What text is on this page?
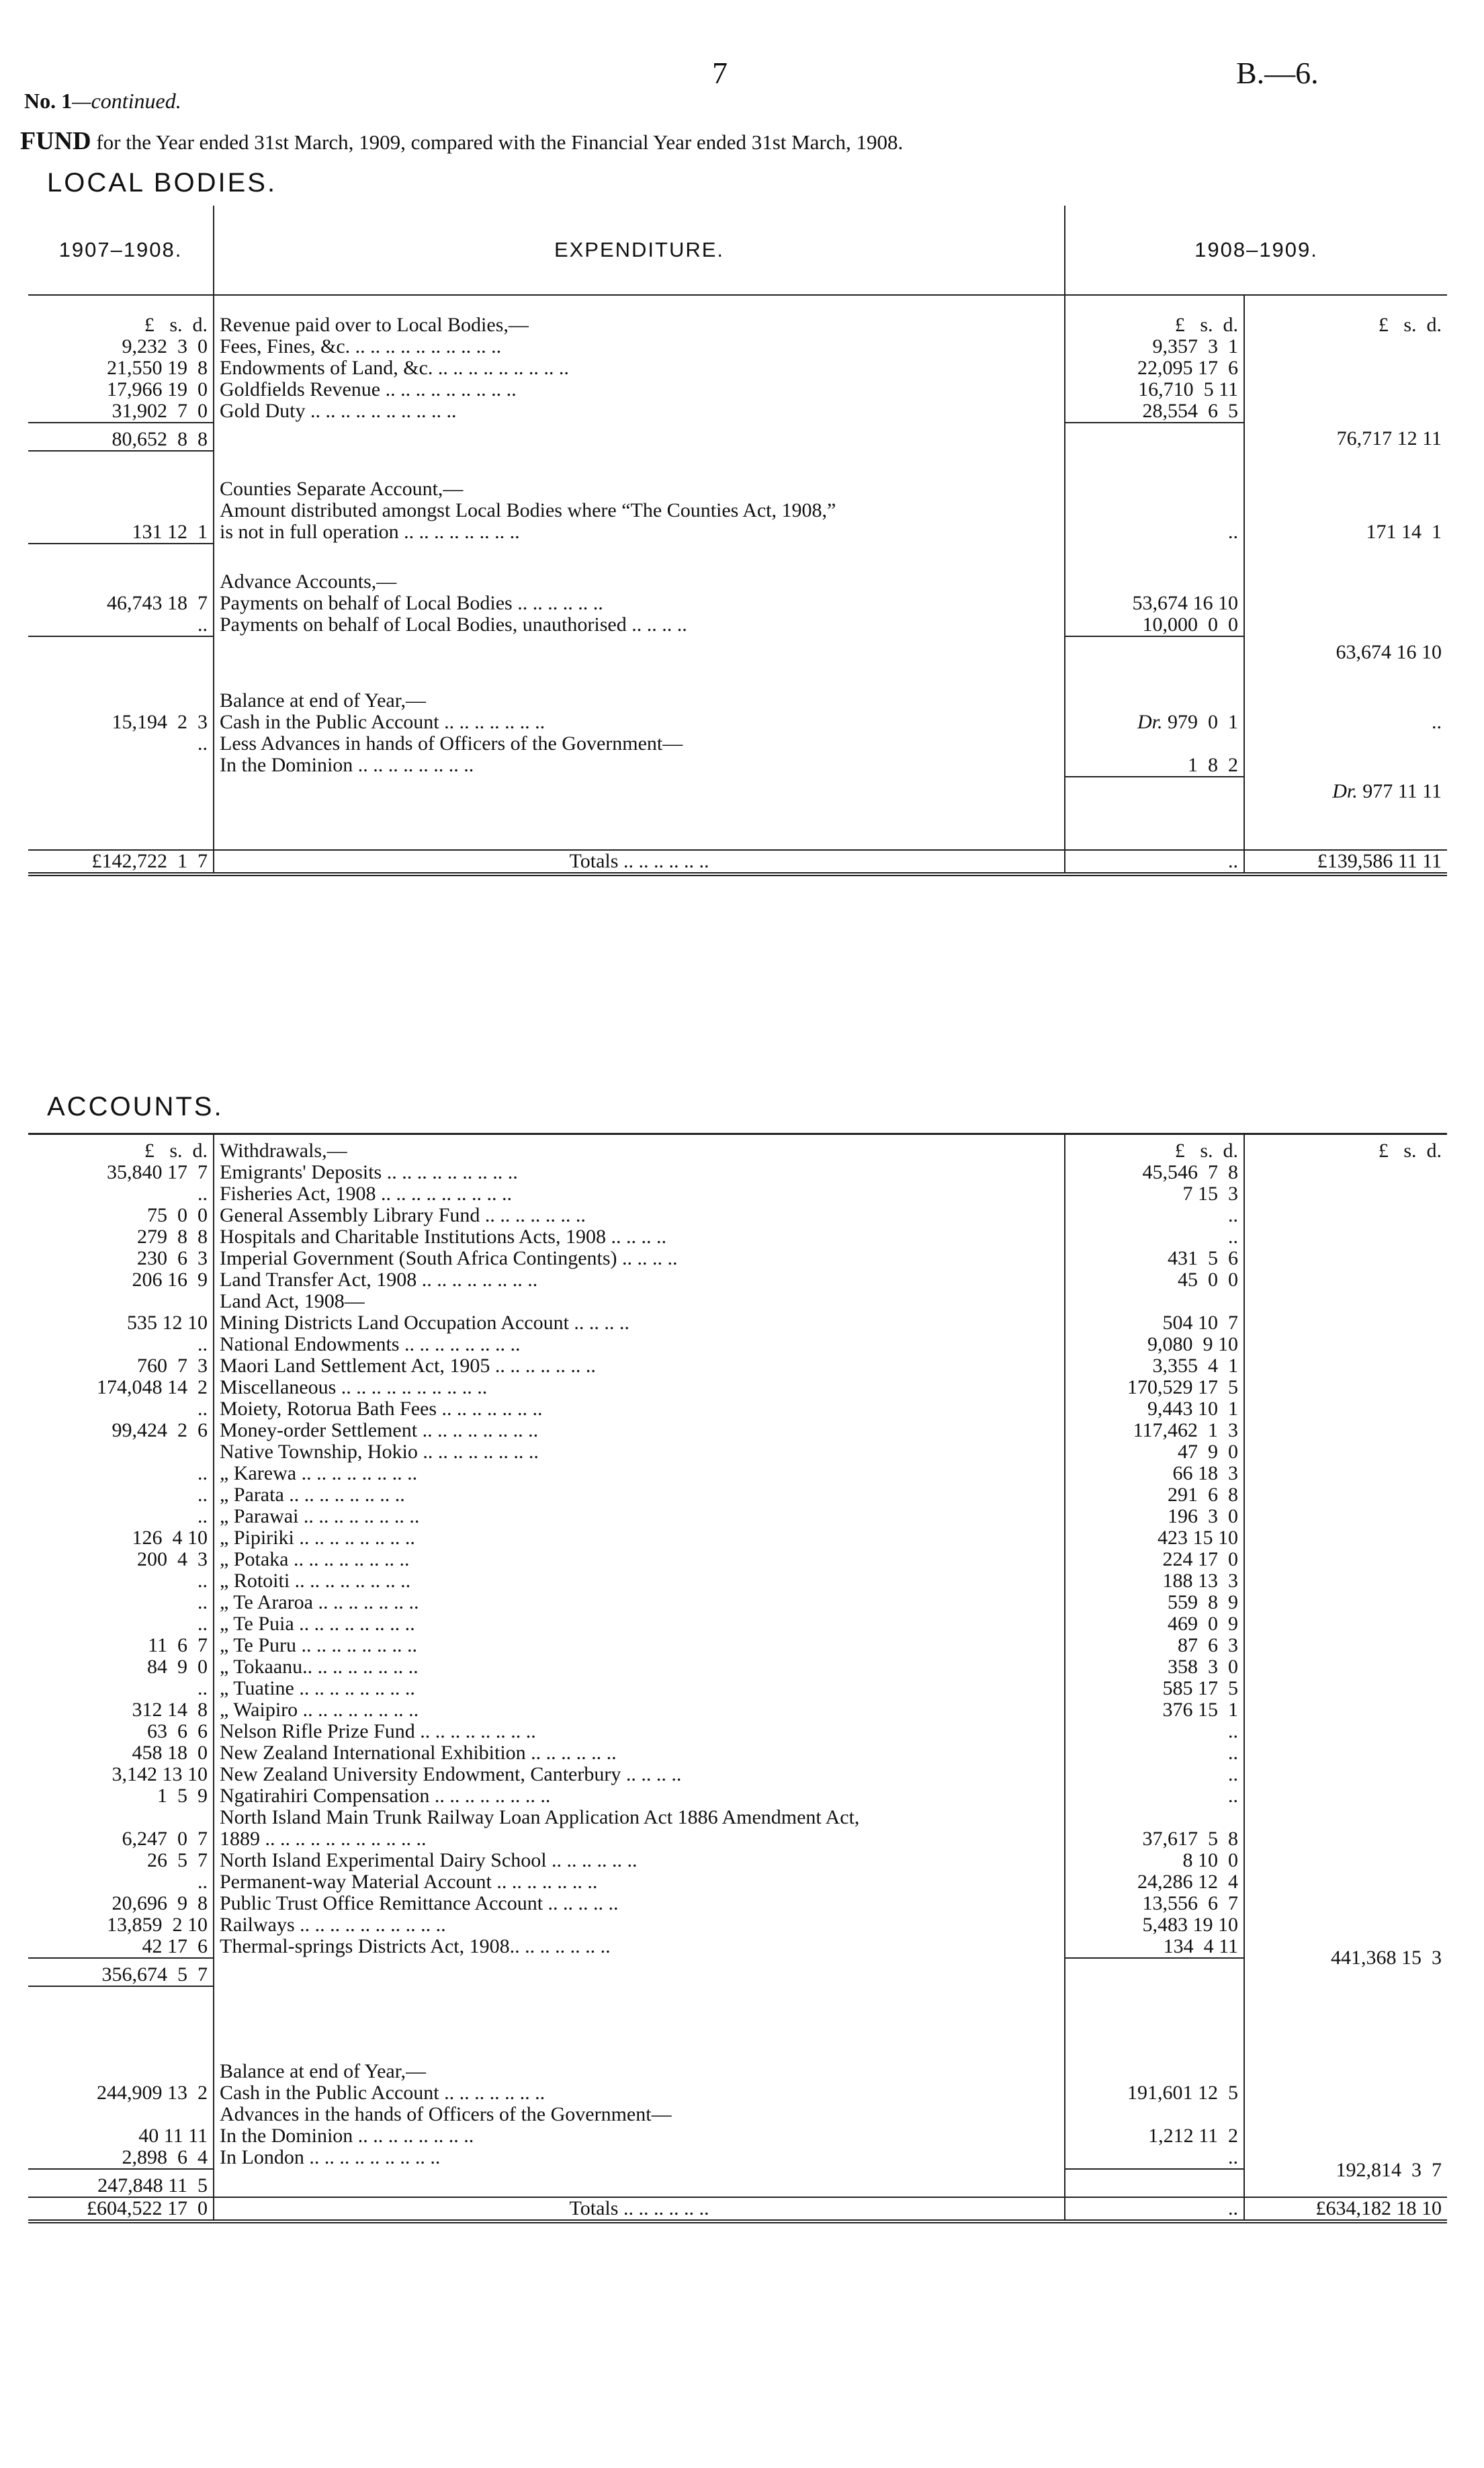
7	B.—6.
No. 1—continued.
FUND for the Year ended 31st March, 1909, compared with the Financial Year ended 31st March, 1908.
LOCAL BODIES.
1907–1908.	EXPENDITURE.	1908–1909.	
£   s.  d.	Revenue paid over to Local Bodies,—	£   s.  d.	£   s.  d.
9,232  3  0	Fees, Fines, &c. .. .. .. .. .. .. .. .. .. ..	9,357  3  1	
21,550 19  8	Endowments of Land, &c. .. .. .. .. .. .. .. .. ..	22,095 17  6	
17,966 19  0	Goldfields Revenue .. .. .. .. .. .. .. .. ..	16,710  5 11	
31,902  7  0	Gold Duty .. .. .. .. .. .. .. .. .. ..	28,554  6  5	
80,652  8  8			76,717 12 11

	Counties Separate Account,—		
	Amount distributed amongst Local Bodies where “The Counties Act, 1908,”		
131 12  1	is not in full operation .. .. .. .. .. .. .. ..	..	171 14  1

	Advance Accounts,—		
46,743 18  7	Payments on behalf of Local Bodies .. .. .. .. .. ..	53,674 16 10	
..	Payments on behalf of Local Bodies, unauthorised .. .. .. ..	10,000  0  0	
			63,674 16 10

	Balance at end of Year,—		
15,194  2  3	Cash in the Public Account .. .. .. .. .. .. ..	Dr. 979  0  1	..
..	Less Advances in hands of Officers of the Government—		
	In the Dominion .. .. .. .. .. .. .. ..	1  8  2	
			Dr. 977 11 11

£142,722  1  7	Totals .. .. .. .. .. ..	..	£139,586 11 11
ACCOUNTS.
£   s.  d.	Withdrawals,—	£   s.  d.	£   s.  d.
35,840 17  7	Emigrants' Deposits .. .. .. .. .. .. .. .. ..	45,546  7  8	
..	Fisheries Act, 1908 .. .. .. .. .. .. .. .. ..	7 15  3	
75  0  0	General Assembly Library Fund .. .. .. .. .. .. ..	..	
279  8  8	Hospitals and Charitable Institutions Acts, 1908 .. .. .. ..	..	
230  6  3	Imperial Government (South Africa Contingents) .. .. .. ..	431  5  6	
206 16  9	Land Transfer Act, 1908 .. .. .. .. .. .. .. ..	45  0  0	
	Land Act, 1908—		
535 12 10	Mining Districts Land Occupation Account .. .. .. ..	504 10  7	
..	National Endowments .. .. .. .. .. .. .. ..	9,080  9 10	
760  7  3	Maori Land Settlement Act, 1905 .. .. .. .. .. .. ..	3,355  4  1	
174,048 14  2	Miscellaneous .. .. .. .. .. .. .. .. .. ..	170,529 17  5	
..	Moiety, Rotorua Bath Fees .. .. .. .. .. .. ..	9,443 10  1	
99,424  2  6	Money-order Settlement .. .. .. .. .. .. .. ..	117,462  1  3	
	Native Township, Hokio .. .. .. .. .. .. .. ..	47  9  0	
..	„ Karewa .. .. .. .. .. .. .. ..	66 18  3	
..	„ Parata .. .. .. .. .. .. .. ..	291  6  8	
..	„ Parawai .. .. .. .. .. .. .. ..	196  3  0	
126  4 10	„ Pipiriki .. .. .. .. .. .. .. ..	423 15 10	
200  4  3	„ Potaka .. .. .. .. .. .. .. ..	224 17  0	
..	„ Rotoiti .. .. .. .. .. .. .. ..	188 13  3	
..	„ Te Araroa .. .. .. .. .. .. ..	559  8  9	
..	„ Te Puia .. .. .. .. .. .. .. ..	469  0  9	
11  6  7	„ Te Puru .. .. .. .. .. .. .. ..	87  6  3	
84  9  0	„ Tokaanu.. .. .. .. .. .. .. ..	358  3  0	
..	„ Tuatine .. .. .. .. .. .. .. ..	585 17  5	
312 14  8	„ Waipiro .. .. .. .. .. .. .. ..	376 15  1	
63  6  6	Nelson Rifle Prize Fund .. .. .. .. .. .. .. ..	..	
458 18  0	New Zealand International Exhibition .. .. .. .. .. ..	..	
3,142 13 10	New Zealand University Endowment, Canterbury .. .. .. ..	..	
1  5  9	Ngatirahiri Compensation .. .. .. .. .. .. .. ..	..	
	North Island Main Trunk Railway Loan Application Act 1886 Amendment Act,		
6,247  0  7	1889 .. .. .. .. .. .. .. .. .. .. ..	37,617  5  8	
26  5  7	North Island Experimental Dairy School .. .. .. .. .. ..	8 10  0	
..	Permanent-way Material Account .. .. .. .. .. .. ..	24,286 12  4	
20,696  9  8	Public Trust Office Remittance Account .. .. .. .. ..	13,556  6  7	
13,859  2 10	Railways .. .. .. .. .. .. .. .. .. ..	5,483 19 10	
42 17  6	Thermal-springs Districts Act, 1908.. .. .. .. .. .. ..	134  4 11	
356,674  5  7			441,368 15  3

	Balance at end of Year,—		
244,909 13  2	Cash in the Public Account .. .. .. .. .. .. ..	191,601 12  5	
	Advances in the hands of Officers of the Government—		
40 11 11	In the Dominion .. .. .. .. .. .. .. ..	1,212 11  2	
2,898  6  4	In London .. .. .. .. .. .. .. .. ..	..	
247,848 11  5			192,814  3  7
£604,522 17  0	Totals .. .. .. .. .. ..	..	£634,182 18 10
